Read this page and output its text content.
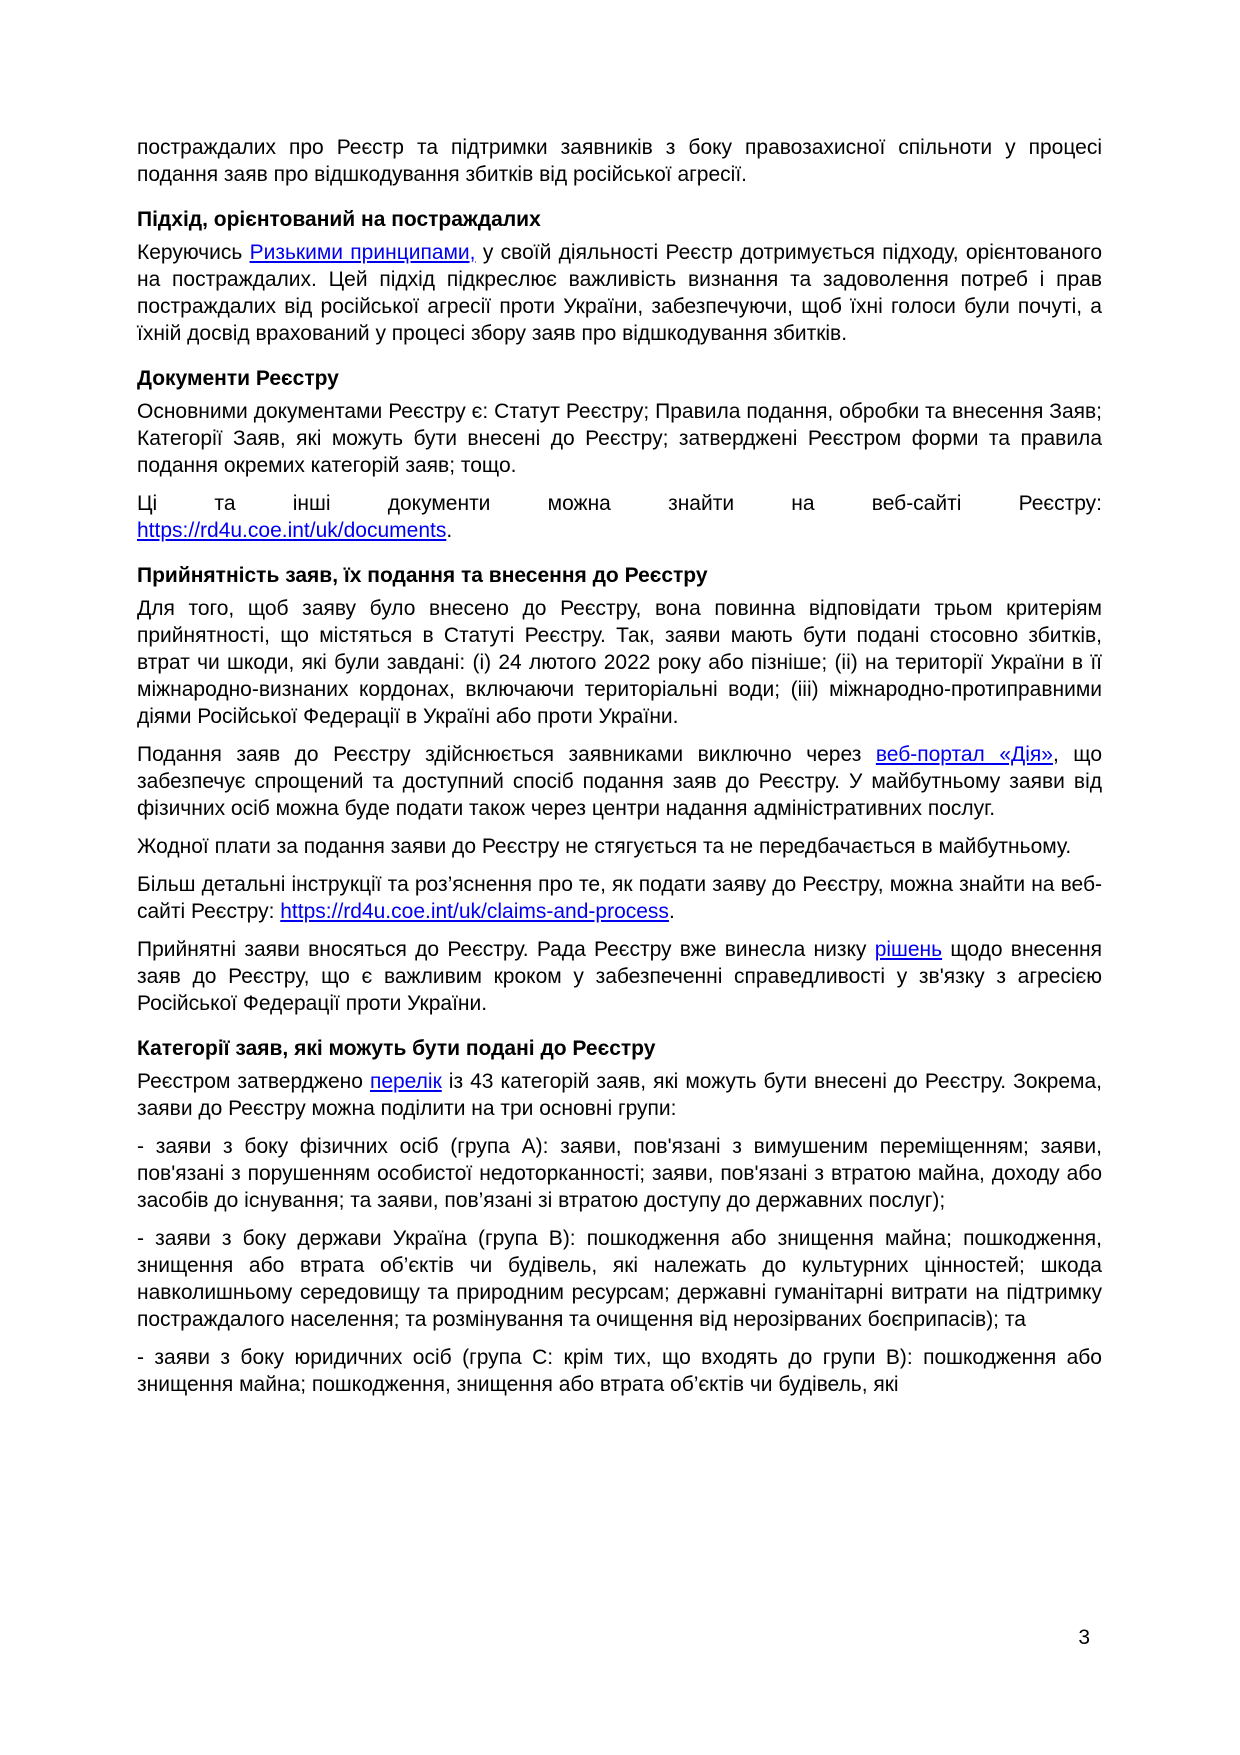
постраждалих про Реєстр та підтримки заявників з боку правозахисної спільноти у процесі подання заяв про відшкодування збитків від російської агресії.

Підхід, орієнтований на постраждалих

Керуючись Ризькими принципами, у своїй діяльності Реєстр дотримується підходу, орієнтованого на постраждалих. Цей підхід підкреслює важливість визнання та задоволення потреб і прав постраждалих від російської агресії проти України, забезпечуючи, щоб їхні голоси були почуті, а їхній досвід врахований у процесі збору заяв про відшкодування збитків.

Документи Реєстру

Основними документами Реєстру є: Статут Реєстру; Правила подання, обробки та внесення Заяв; Категорії Заяв, які можуть бути внесені до Реєстру; затверджені Реєстром форми та правила подання окремих категорій заяв; тощо.

Ці та інші документи можна знайти на веб-сайті Реєстру:
https://rd4u.coe.int/uk/documents.

Прийнятність заяв, їх подання та внесення до Реєстру

Для того, щоб заяву було внесено до Реєстру, вона повинна відповідати трьом критеріям прийнятності, що містяться в Статуті Реєстру. Так, заяви мають бути подані стосовно збитків, втрат чи шкоди, які були завдані: (і) 24 лютого 2022 року або пізніше; (іі) на території України в її міжнародно-визнаних кордонах, включаючи територіальні води; (ііі) міжнародно-протиправними діями Російської Федерації в Україні або проти України.

Подання заяв до Реєстру здійснюється заявниками виключно через веб-портал «Дія», що забезпечує спрощений та доступний спосіб подання заяв до Реєстру. У майбутньому заяви від фізичних осіб можна буде подати також через центри надання адміністративних послуг.

Жодної плати за подання заяви до Реєстру не стягується та не передбачається в майбутньому.

Більш детальні інструкції та роз’яснення про те, як подати заяву до Реєстру, можна знайти на веб-сайті Реєстру: https://rd4u.coe.int/uk/claims-and-process.

Прийнятні заяви вносяться до Реєстру. Рада Реєстру вже винесла низку рішень щодо внесення заяв до Реєстру, що є важливим кроком у забезпеченні справедливості у зв'язку з агресією Російської Федерації проти України.

Категорії заяв, які можуть бути подані до Реєстру

Реєстром затверджено перелік із 43 категорій заяв, які можуть бути внесені до Реєстру. Зокрема, заяви до Реєстру можна поділити на три основні групи:

- заяви з боку фізичних осіб (група А): заяви, пов'язані з вимушеним переміщенням; заяви, пов'язані з порушенням особистої недоторканності; заяви, пов'язані з втратою майна, доходу або засобів до існування; та заяви, пов’язані зі втратою доступу до державних послуг);

- заяви з боку держави Україна (група В): пошкодження або знищення майна; пошкодження, знищення або втрата об’єктів чи будівель, які належать до культурних цінностей; шкода навколишньому середовищу та природним ресурсам; державні гуманітарні витрати на підтримку постраждалого населення; та розмінування та очищення від нерозірваних боєприпасів); та

- заяви з боку юридичних осіб (група С: крім тих, що входять до групи В): пошкодження або знищення майна; пошкодження, знищення або втрата об’єктів чи будівель, які

3
